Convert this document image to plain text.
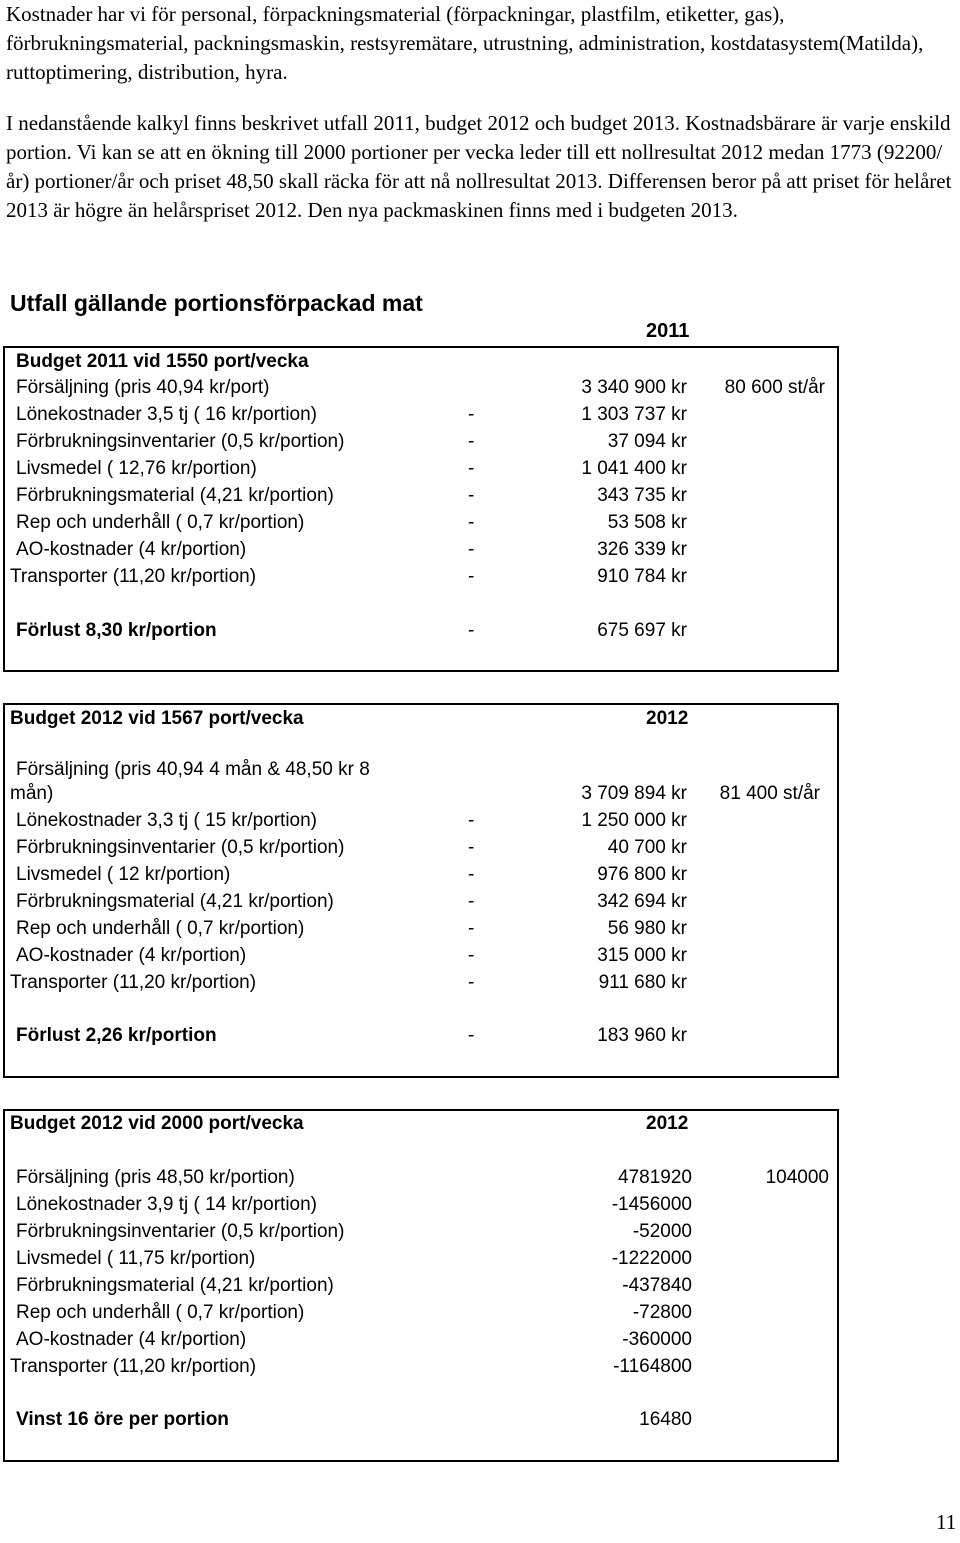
Kostnader har vi för personal, förpackningsmaterial (förpackningar, plastfilm, etiketter, gas), förbrukningsmaterial, packningsmaskin, restsyremätare, utrustning, administration, kostdatasystem(Matilda), ruttoptimering, distribution, hyra.

I nedanstående kalkyl finns beskrivet utfall 2011, budget 2012 och budget 2013. Kostnadsbärare är varje enskild portion. Vi kan se att en ökning till 2000 portioner per vecka leder till ett nollresultat 2012 medan 1773 (92200/år) portioner/år och priset 48,50 skall räcka för att nå nollresultat 2013. Differensen beror på att priset för helåret 2013 är högre än helårspriset 2012. Den nya packmaskinen finns med i budgeten 2013.

Utfall gällande portionsförpackad mat
2011
Budget 2011 vid 1550 port/vecka
Försäljning (pris 40,94 kr/port)	3 340 900 kr	80 600 st/år
Lönekostnader 3,5 tj ( 16 kr/portion)	-	1 303 737 kr
Förbrukningsinventarier (0,5 kr/portion)	-	37 094 kr
Livsmedel ( 12,76 kr/portion)	-	1 041 400 kr
Förbrukningsmaterial (4,21 kr/portion)	-	343 735 kr
Rep och underhåll ( 0,7 kr/portion)	-	53 508 kr
AO-kostnader (4 kr/portion)	-	326 339 kr
Transporter (11,20 kr/portion)	-	910 784 kr
Förlust 8,30 kr/portion	-	675 697 kr
Budget 2012 vid 1567 port/vecka	2012
Försäljning (pris 40,94 4 mån & 48,50 kr 8
mån)	3 709 894 kr	81 400 st/år
Lönekostnader 3,3 tj ( 15 kr/portion)	-	1 250 000 kr
Förbrukningsinventarier (0,5 kr/portion)	-	40 700 kr
Livsmedel ( 12 kr/portion)	-	976 800 kr
Förbrukningsmaterial (4,21 kr/portion)	-	342 694 kr
Rep och underhåll ( 0,7 kr/portion)	-	56 980 kr
AO-kostnader (4 kr/portion)	-	315 000 kr
Transporter (11,20 kr/portion)	-	911 680 kr
Förlust 2,26 kr/portion	-	183 960 kr
Budget 2012 vid 2000 port/vecka	2012
Försäljning (pris 48,50 kr/portion)	4781920	104000
Lönekostnader 3,9 tj ( 14 kr/portion)	-1456000
Förbrukningsinventarier (0,5 kr/portion)	-52000
Livsmedel ( 11,75 kr/portion)	-1222000
Förbrukningsmaterial (4,21 kr/portion)	-437840
Rep och underhåll ( 0,7 kr/portion)	-72800
AO-kostnader (4 kr/portion)	-360000
Transporter (11,20 kr/portion)	-1164800
Vinst 16 öre per portion	16480
11
